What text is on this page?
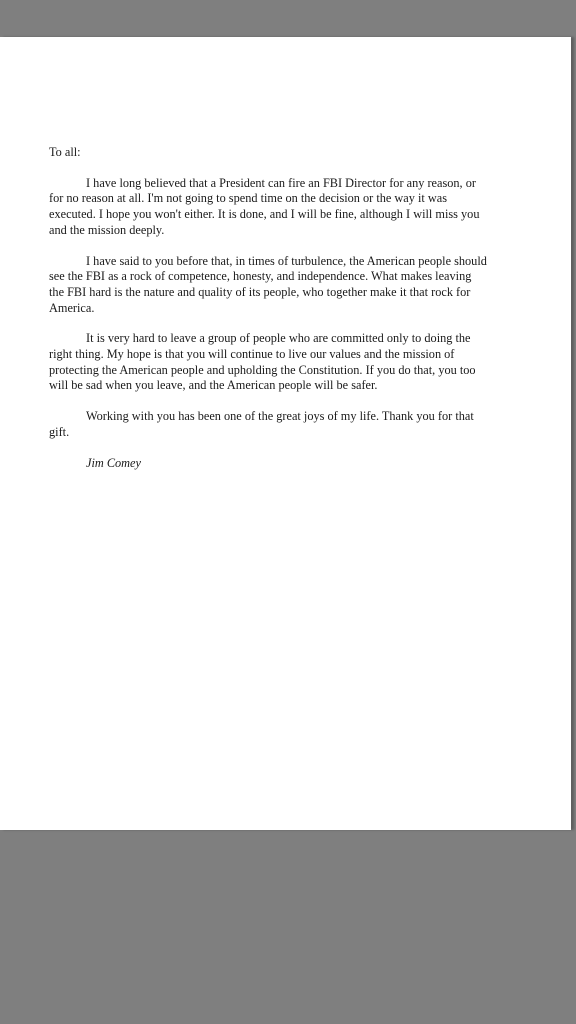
To all:

I have long believed that a President can fire an FBI Director for any reason, or for no reason at all. I'm not going to spend time on the decision or the way it was executed. I hope you won't either. It is done, and I will be fine, although I will miss you and the mission deeply.

I have said to you before that, in times of turbulence, the American people should see the FBI as a rock of competence, honesty, and independence. What makes leaving the FBI hard is the nature and quality of its people, who together make it that rock for America.

It is very hard to leave a group of people who are committed only to doing the right thing. My hope is that you will continue to live our values and the mission of protecting the American people and upholding the Constitution. If you do that, you too will be sad when you leave, and the American people will be safer.

Working with you has been one of the great joys of my life. Thank you for that gift.

Jim Comey
